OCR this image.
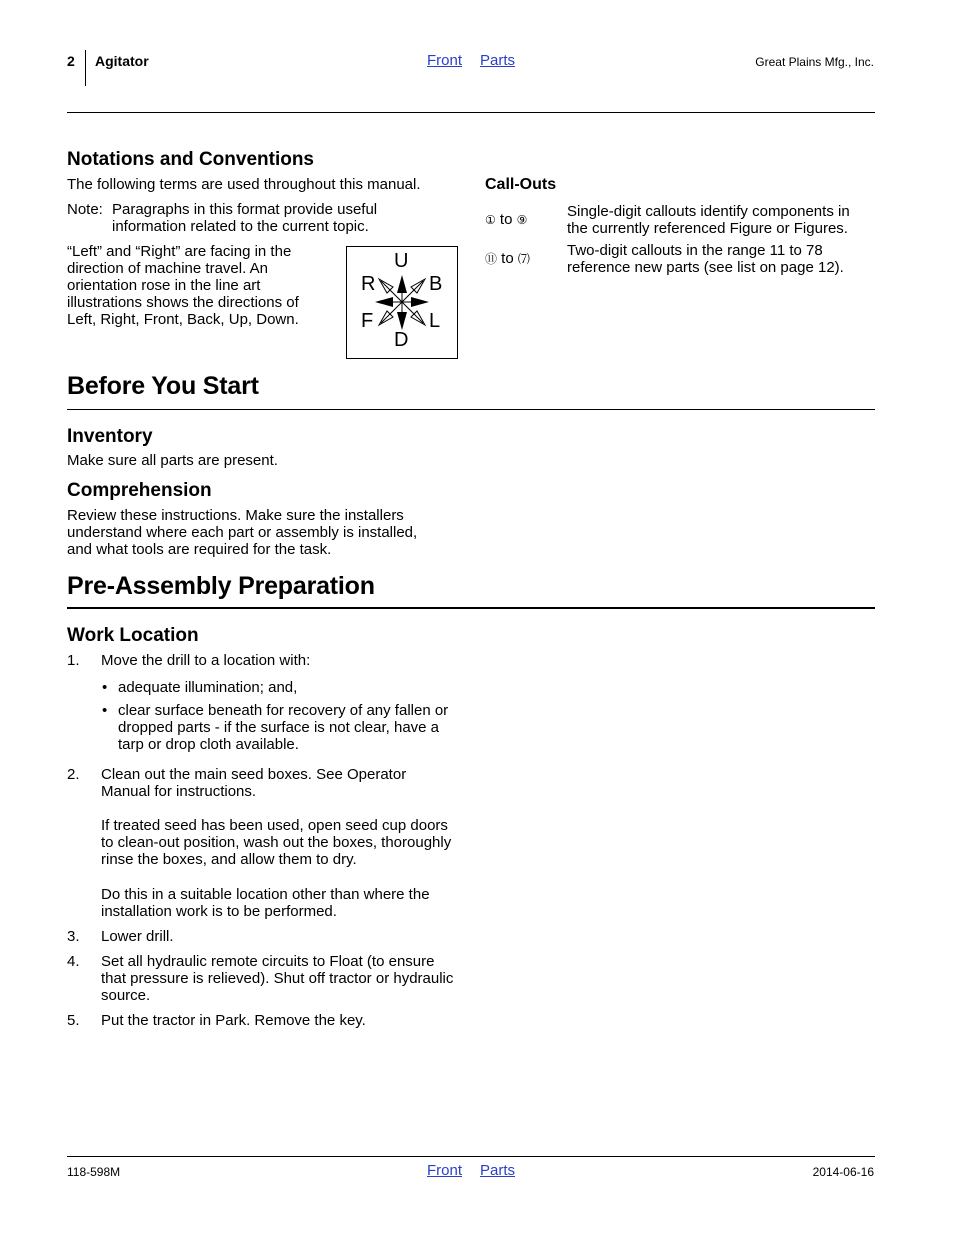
2 Agitator	Front Parts	Great Plains Mfg., Inc.
Notations and Conventions
The following terms are used throughout this manual.
Note: Paragraphs in this format provide useful information related to the current topic.
“Left” and “Right” are facing in the direction of machine travel. An orientation rose in the line art illustrations shows the directions of Left, Right, Front, Back, Up, Down.
U
D
R	B
F	L
Call-Outs
① to ⑨	Single-digit callouts identify components in the currently referenced Figure or Figures.
⑪ to ⑺ Two-digit callouts in the range 11 to 78 reference new parts (see list on page 12).
Before You Start
Inventory
Make sure all parts are present.
Comprehension
Review these instructions. Make sure the installers understand where each part or assembly is installed, and what tools are required for the task.
Pre-Assembly Preparation
Work Location
1. Move the drill to a location with:
• adequate illumination; and,
• clear surface beneath for recovery of any fallen or dropped parts - if the surface is not clear, have a tarp or drop cloth available.
2. Clean out the main seed boxes. See Operator Manual for instructions.
If treated seed has been used, open seed cup doors to clean-out position, wash out the boxes, thoroughly rinse the boxes, and allow them to dry.
Do this in a suitable location other than where the installation work is to be performed.
3. Lower drill.
4. Set all hydraulic remote circuits to Float (to ensure that pressure is relieved). Shut off tractor or hydraulic source.
5. Put the tractor in Park. Remove the key.
118-598M	Front Parts	2014-06-16
